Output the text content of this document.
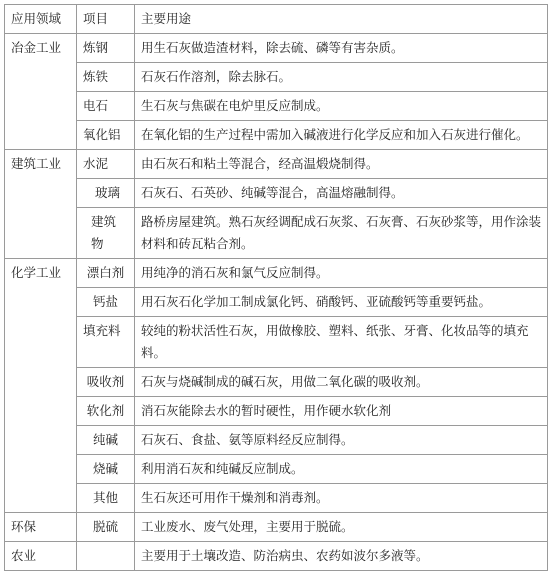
应用领域	项目	主要用途
冶金工业	炼钢	用生石灰做造渣材料，除去硫、磷等有害杂质。
	炼铁	石灰石作溶剂，除去脉石。
	电石	生石灰与焦碳在电炉里反应制成。
	氧化铝	在氧化铝的生产过程中需加入碱液进行化学反应和加入石灰进行催化。
建筑工业	水泥	由石灰石和粘土等混合，经高温煅烧制得。
	玻璃	石灰石、石英砂、纯碱等混合，高温熔融制得。
	建筑物	路桥房屋建筑。熟石灰经调配成石灰浆、石灰膏、石灰砂浆等，用作涂装材料和砖瓦粘合剂。
化学工业	漂白剂	用纯净的消石灰和氯气反应制得。
	钙盐	用石灰石化学加工制成氯化钙、硝酸钙、亚硫酸钙等重要钙盐。
	填充料	较纯的粉状活性石灰，用做橡胶、塑料、纸张、牙膏、化妆品等的填充料。
	吸收剂	石灰与烧碱制成的碱石灰，用做二氧化碳的吸收剂。
	软化剂	消石灰能除去水的暂时硬性，用作硬水软化剂
	纯碱	石灰石、食盐、氨等原料经反应制得。
	烧碱	利用消石灰和纯碱反应制成。
	其他	生石灰还可用作干燥剂和消毒剂。
环保	脱硫	工业废水、废气处理，主要用于脱硫。
农业		主要用于土壤改造、防治病虫、农药如波尔多液等。
